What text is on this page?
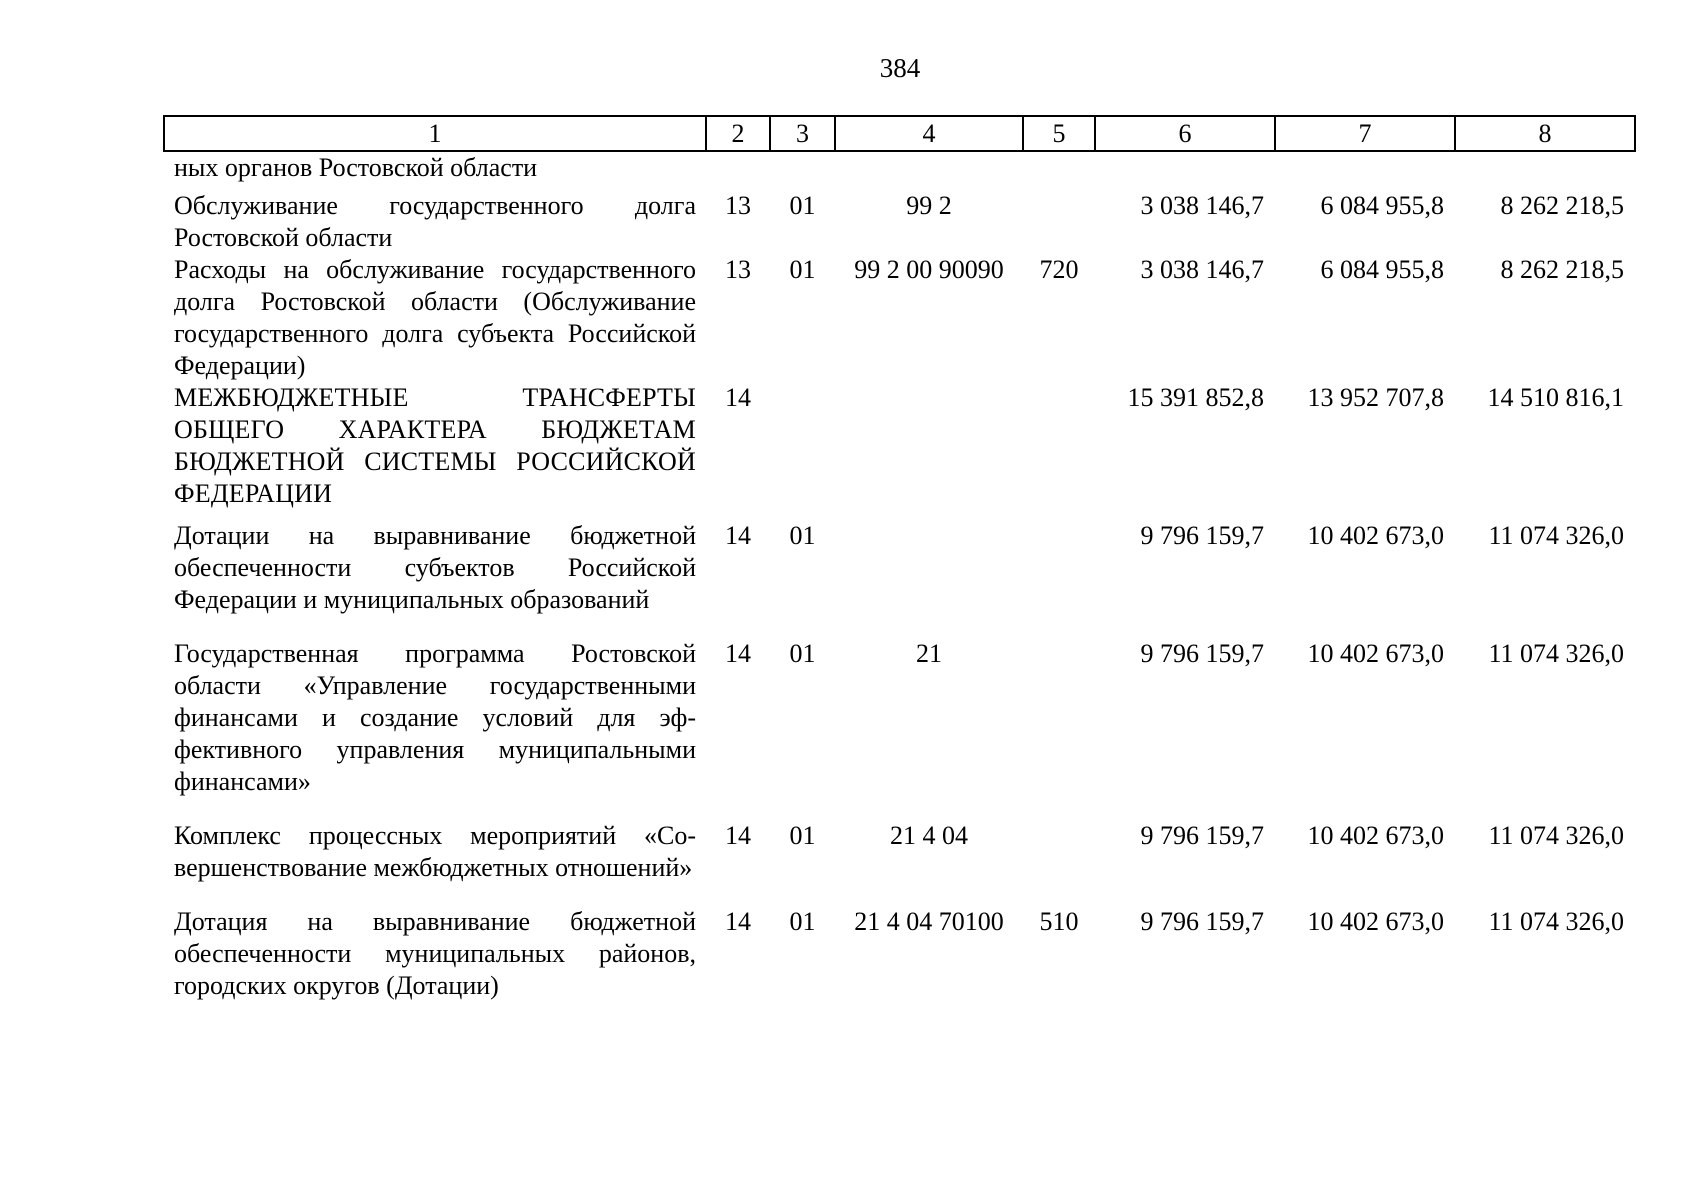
384
1	2	3	4	5	6	7	8
ных органов Ростовской области							
Обслуживание государственного долга Ростовской области	13	01	99 2		3 038 146,7	6 084 955,8	8 262 218,5
Расходы на обслуживание государственного долга Ростовской области (Обслуживание государственного долга субъекта Российской Федерации)	13	01	99 2 00 90090	720	3 038 146,7	6 084 955,8	8 262 218,5
МЕЖБЮДЖЕТНЫЕ ТРАНСФЕРТЫ ОБЩЕГО ХАРАКТЕРА БЮДЖЕТАМ БЮДЖЕТНОЙ СИСТЕМЫ РОССИЙСКОЙ ФЕДЕРАЦИИ	14				15 391 852,8	13 952 707,8	14 510 816,1
Дотации на выравнивание бюджетной обеспеченности субъектов Российской Федерации и муниципальных образований	14	01			9 796 159,7	10 402 673,0	11 074 326,0
Государственная программа Ростовской области «Управление государственными финансами и создание условий для эффективного управления муниципальными финансами»	14	01	21		9 796 159,7	10 402 673,0	11 074 326,0
Комплекс процессных мероприятий «Совершенствование межбюджетных отношений»	14	01	21 4 04		9 796 159,7	10 402 673,0	11 074 326,0
Дотация на выравнивание бюджетной обеспеченности муниципальных районов, городских округов (Дотации)	14	01	21 4 04 70100	510	9 796 159,7	10 402 673,0	11 074 326,0
